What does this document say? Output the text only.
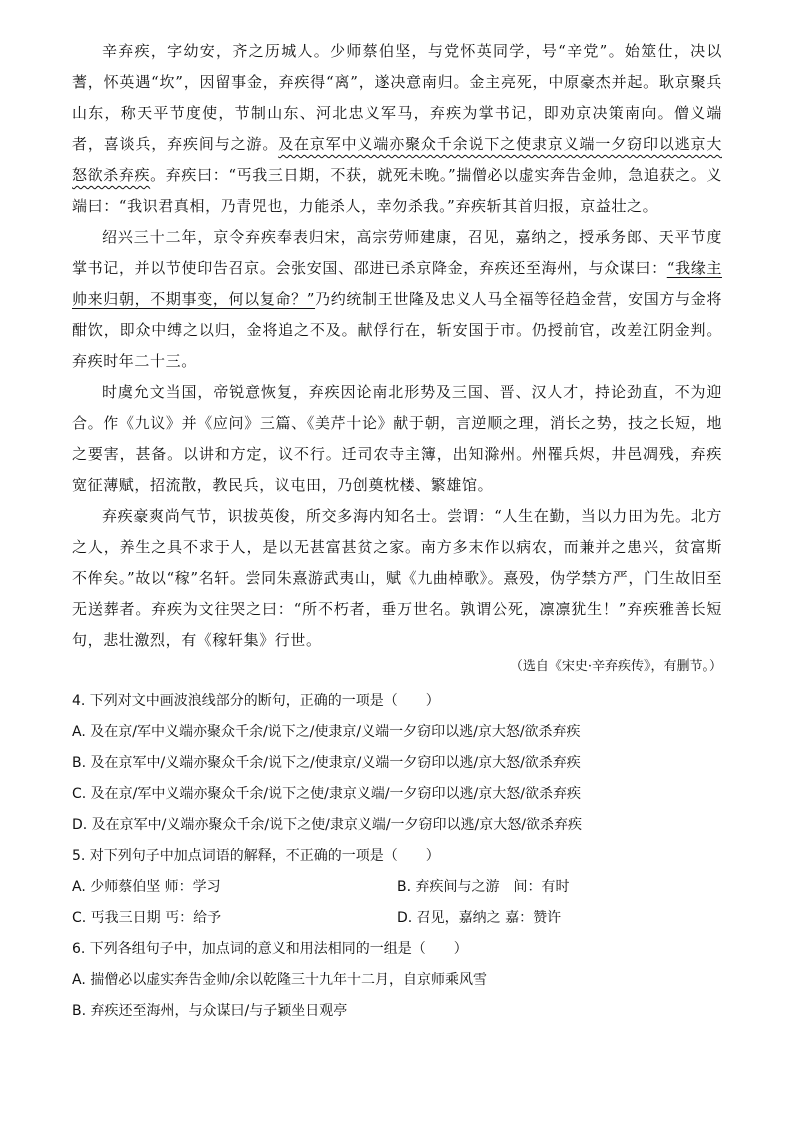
辛弃疾，字幼安，齐之历城人。少师蔡伯坚，与党怀英同学，号“辛党”。始筮仕，决以蓍，怀英遇“坎”，因留事金，弃疾得“离”，遂决意南归。金主亮死，中原豪杰并起。耿京聚兵山东，称天平节度使，节制山东、河北忠义军马，弃疾为掌书记，即劝京决策南向。僧义端者，喜谈兵，弃疾间与之游。及在京军中义端亦聚众千余说下之使隶京义端一夕窃印以逃京大怒欲杀弃疾。弃疾曰：“丐我三日期，不获，就死未晚。”揣僧必以虚实奔告金帅，急追获之。义端曰：“我识君真相，乃青兕也，力能杀人，幸勿杀我。”弃疾斩其首归报，京益壮之。

绍兴三十二年，京令弃疾奉表归宋，高宗劳师建康，召见，嘉纳之，授承务郎、天平节度掌书记，并以节使印告召京。会张安国、邵进已杀京降金，弃疾还至海州，与众谋曰：“我缘主帅来归朝，不期事变，何以复命？”乃约统制王世隆及忠义人马全福等径趋金营，安国方与金将酣饮，即众中缚之以归，金将追之不及。献俘行在，斩安国于市。仍授前官，改差江阴金判。弃疾时年二十三。

时虞允文当国，帝锐意恢复，弃疾因论南北形势及三国、晋、汉人才，持论劲直，不为迎合。作《九议》并《应问》三篇、《美芹十论》献于朝，言逆顺之理，消长之势，技之长短，地之要害，甚备。以讲和方定，议不行。迁司农寺主簿，出知滁州。州罹兵烬，井邑凋残，弃疾宽征薄赋，招流散，教民兵，议屯田，乃创奠枕楼、繁雄馆。

弃疾豪爽尚气节，识拔英俊，所交多海内知名士。尝谓：“人生在勤，当以力田为先。北方之人，养生之具不求于人，是以无甚富甚贫之家。南方多末作以病农，而兼并之患兴，贫富斯不侔矣。”故以“稼”名轩。尝同朱熹游武夷山，赋《九曲棹歌》。熹殁，伪学禁方严，门生故旧至无送葬者。弃疾为文往哭之曰：“所不朽者，垂万世名。孰谓公死，凛凛犹生！”弃疾雅善长短句，悲壮激烈，有《稼轩集》行世。

（选自《宋史·辛弃疾传》，有删节。）
4. 下列对文中画波浪线部分的断句，正确的一项是（　　）
A. 及在京/军中义端亦聚众千余/说下之/使隶京/义端一夕窃印以逃/京大怒/欲杀弃疾
B. 及在京军中/义端亦聚众千余/说下之/使隶京/义端一夕窃印以逃/京大怒/欲杀弃疾
C. 及在京/军中义端亦聚众千余/说下之使/隶京义端/一夕窃印以逃/京大怒/欲杀弃疾
D. 及在京军中/义端亦聚众千余/说下之使/隶京义端/一夕窃印以逃/京大怒/欲杀弃疾
5. 对下列句子中加点词语的解释，不正确的一项是（　　）
A. 少师蔡伯坚 师：学习	B. 弃疾间与之游　间：有时
C. 丐我三日期 丐：给予	D. 召见，嘉纳之 嘉：赞许
6. 下列各组句子中，加点词的意义和用法相同的一组是（　　）
A. 揣僧必以虚实奔告金帅/余以乾隆三十九年十二月，自京师乘风雪
B. 弃疾还至海州，与众谋曰/与子颖坐日观亭
